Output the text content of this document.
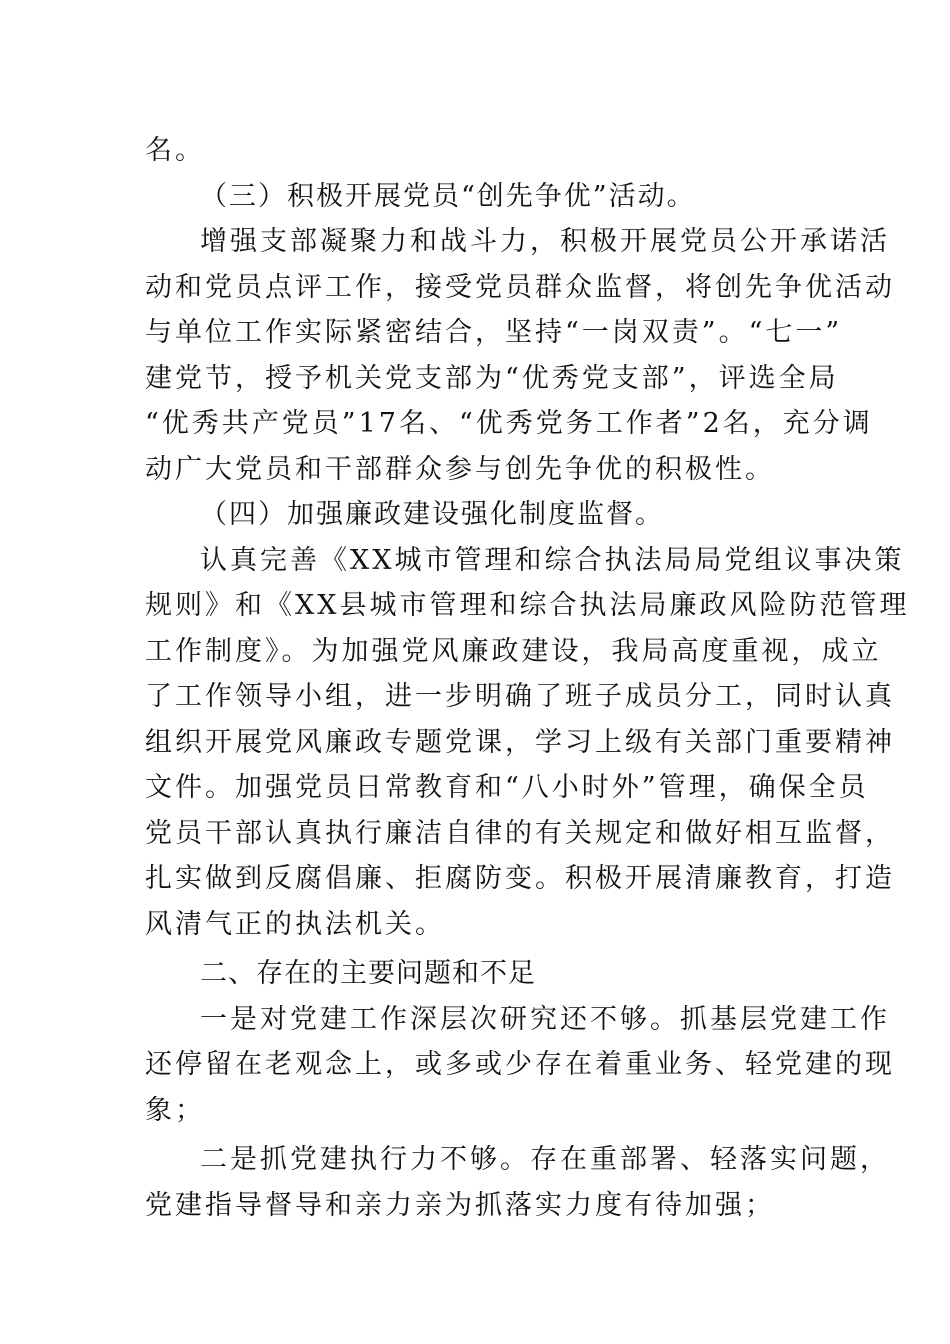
名。
（三）积极开展党员“创先争优”活动。
增强支部凝聚力和战斗力，积极开展党员公开承诺活
动和党员点评工作，接受党员群众监督，将创先争优活动
与单位工作实际紧密结合，坚持“一岗双责”。“七一”
建党节，授予机关党支部为“优秀党支部”，评选全局
“优秀共产党员”17名、“优秀党务工作者”2名，充分调
动广大党员和干部群众参与创先争优的积极性。
（四）加强廉政建设强化制度监督。
认真完善《XX城市管理和综合执法局局党组议事决策
规则》和《XX县城市管理和综合执法局廉政风险防范管理
工作制度》。为加强党风廉政建设，我局高度重视，成立
了工作领导小组，进一步明确了班子成员分工，同时认真
组织开展党风廉政专题党课，学习上级有关部门重要精神
文件。加强党员日常教育和“八小时外”管理，确保全员
党员干部认真执行廉洁自律的有关规定和做好相互监督，
扎实做到反腐倡廉、拒腐防变。积极开展清廉教育，打造
风清气正的执法机关。
二、存在的主要问题和不足
一是对党建工作深层次研究还不够。抓基层党建工作
还停留在老观念上，或多或少存在着重业务、轻党建的现
象；
二是抓党建执行力不够。存在重部署、轻落实问题，
党建指导督导和亲力亲为抓落实力度有待加强；
